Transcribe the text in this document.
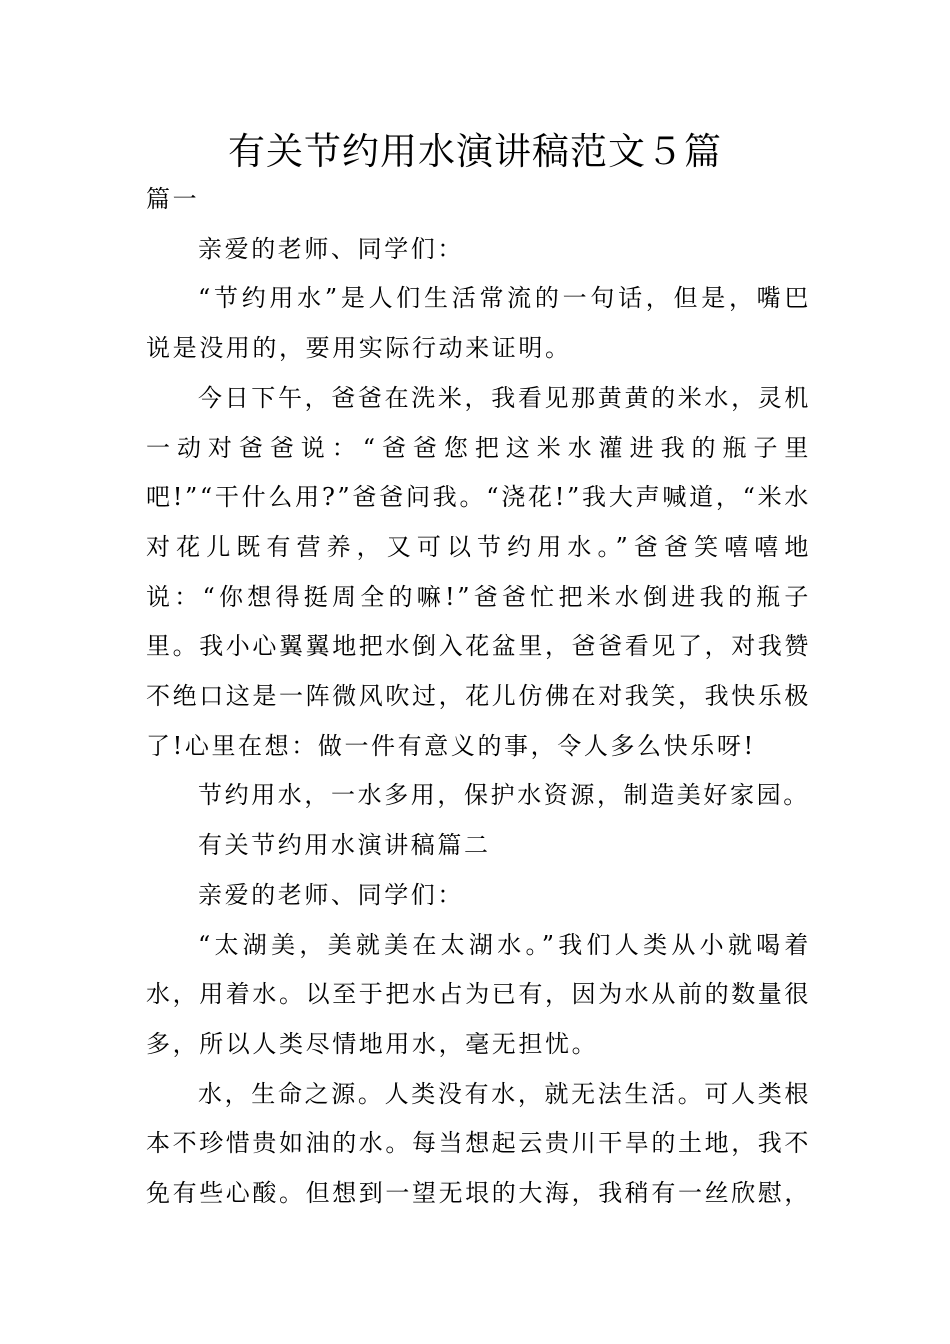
有关节约用水演讲稿范文５篇

篇一

亲爱的老师、同学们：

“节约用水”是人们生活常流的一句话，但是，嘴巴说是没用的，要用实际行动来证明。

今日下午，爸爸在洗米，我看见那黄黄的米水，灵机一动对爸爸说：“爸爸您把这米水灌进我的瓶子里吧!”“干什么用?”爸爸问我。“浇花!”我大声喊道，“米水对花儿既有营养，又可以节约用水。”爸爸笑嘻嘻地说：“你想得挺周全的嘛!”爸爸忙把米水倒进我的瓶子里。我小心翼翼地把水倒入花盆里，爸爸看见了，对我赞不绝口这是一阵微风吹过，花儿仿佛在对我笑，我快乐极了!心里在想：做一件有意义的事，令人多么快乐呀!

节约用水，一水多用，保护水资源，制造美好家园。

有关节约用水演讲稿篇二

亲爱的老师、同学们：

“太湖美，美就美在太湖水。”我们人类从小就喝着水，用着水。以至于把水占为已有，因为水从前的数量很多，所以人类尽情地用水，毫无担忧。

水，生命之源。人类没有水，就无法生活。可人类根本不珍惜贵如油的水。每当想起云贵川干旱的土地，我不免有些心酸。但想到一望无垠的大海，我稍有一丝欣慰，
